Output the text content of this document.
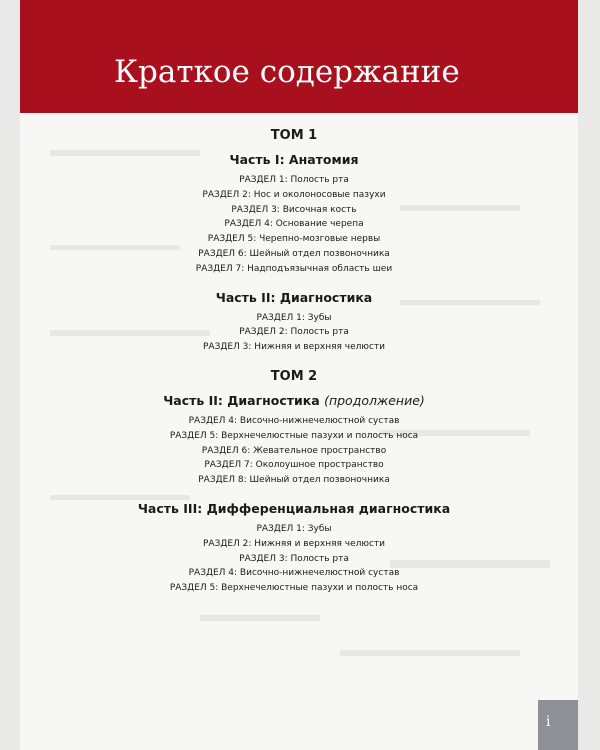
Краткое содержание
ТОМ 1
Часть I: Анатомия
РАЗДЕЛ 1: Полость рта
РАЗДЕЛ 2: Нос и околоносовые пазухи
РАЗДЕЛ 3: Височная кость
РАЗДЕЛ 4: Основание черепа
РАЗДЕЛ 5: Черепно-мозговые нервы
РАЗДЕЛ 6: Шейный отдел позвоночника
РАЗДЕЛ 7: Надподъязычная область шеи
Часть II: Диагностика
РАЗДЕЛ 1: Зубы
РАЗДЕЛ 2: Полость рта
РАЗДЕЛ 3: Нижняя и верхняя челюсти
ТОМ 2
Часть II: Диагностика (продолжение)
РАЗДЕЛ 4: Височно-нижнечелюстной сустав
РАЗДЕЛ 5: Верхнечелюстные пазухи и полость носа
РАЗДЕЛ 6: Жевательное пространство
РАЗДЕЛ 7: Околоушное пространство
РАЗДЕЛ 8: Шейный отдел позвоночника
Часть III: Дифференциальная диагностика
РАЗДЕЛ 1: Зубы
РАЗДЕЛ 2: Нижняя и верхняя челюсти
РАЗДЕЛ 3: Полость рта
РАЗДЕЛ 4: Височно-нижнечелюстной сустав
РАЗДЕЛ 5: Верхнечелюстные пазухи и полость носа
i
